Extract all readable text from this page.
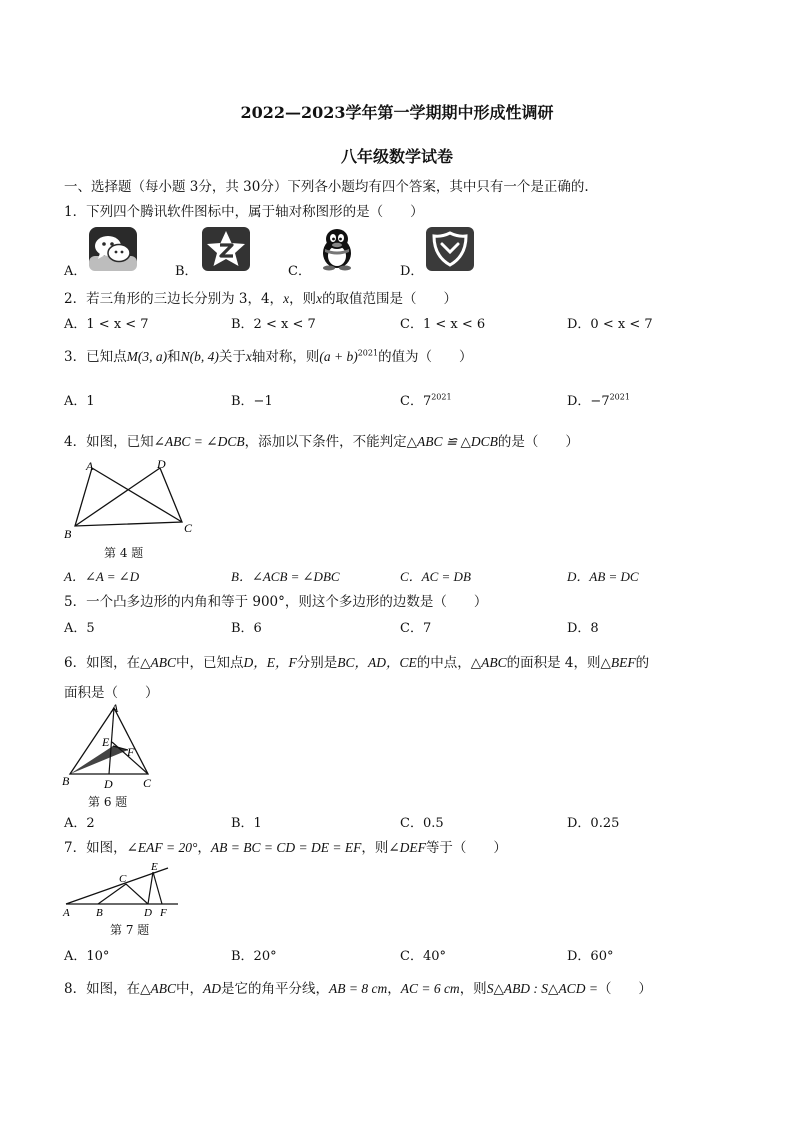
2022—2023学年第一学期期中形成性调研
八年级数学试卷
一、选择题（每小题 3分，共 30分）下列各小题均有四个答案，其中只有一个是正确的.
1．下列四个腾讯软件图标中，属于轴对称图形的是（　　）
A．	B．	C．	D．
2．若三角形的三边长分别为 3，4，x，则x的取值范围是（　　）
A．1 < x < 7	B．2 < x < 7	C．1 < x < 6	D．0 < x < 7
3．已知点M(3, a)和N(b, 4)关于x轴对称，则$(a + b)^{2021}$的值为（　　）
A．1	B．−1	C．$7^{2021}$	D．$-7^{2021}$
4．如图，已知∠ABC = ∠DCB，添加以下条件，不能判定△ABC ≌ △DCB的是（　　）
A	D
B	C
第 4 题
A．∠A = ∠D	B．∠ACB = ∠DBC	C．AC = DB	D．AB = DC
5．一个凸多边形的内角和等于 900°，则这个多边形的边数是（　　）
A．5	B．6	C．7	D．8
6．如图，在△ABC中，已知点D，E，F分别是BC，AD，CE的中点，△ABC的面积是 4，则△BEF的
面积是（　　）
A
E
F
B	D	C
第 6 题
A．2	B．1	C．0.5	D．0.25
7．如图，∠EAF = 20°，AB = BC = CD = DE = EF，则∠DEF等于（　　）
E
C
A B	D F
第 7 题
A．10°	B．20°	C．40°	D．60°
8．如图，在△ABC中，AD是它的角平分线，AB = 8 cm，AC = 6 cm，则S△ABD : S△ACD =（　　）
